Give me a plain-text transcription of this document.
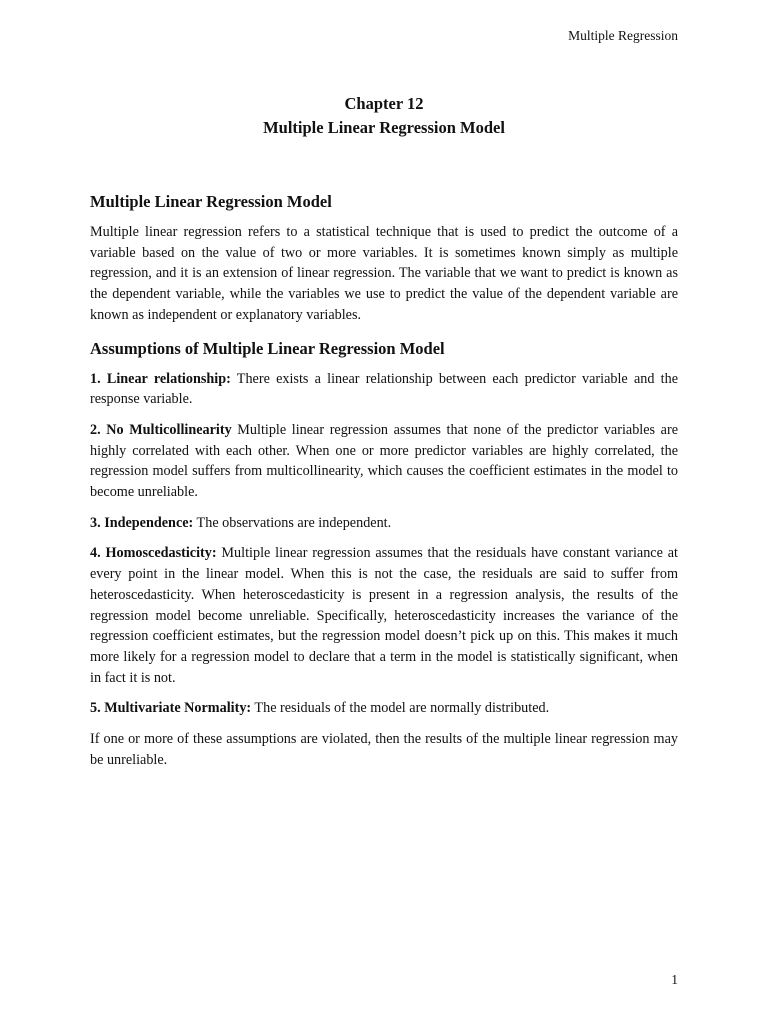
Multiple Regression
Chapter 12
Multiple Linear Regression Model
Multiple Linear Regression Model

Multiple linear regression refers to a statistical technique that is used to predict the outcome of a variable based on the value of two or more variables. It is sometimes known simply as multiple regression, and it is an extension of linear regression. The variable that we want to predict is known as the dependent variable, while the variables we use to predict the value of the dependent variable are known as independent or explanatory variables.

Assumptions of Multiple Linear Regression Model

1. Linear relationship: There exists a linear relationship between each predictor variable and the response variable.

2. No Multicollinearity Multiple linear regression assumes that none of the predictor variables are highly correlated with each other. When one or more predictor variables are highly correlated, the regression model suffers from multicollinearity, which causes the coefficient estimates in the model to become unreliable.

3. Independence: The observations are independent.

4. Homoscedasticity: Multiple linear regression assumes that the residuals have constant variance at every point in the linear model. When this is not the case, the residuals are said to suffer from heteroscedasticity. When heteroscedasticity is present in a regression analysis, the results of the regression model become unreliable. Specifically, heteroscedasticity increases the variance of the regression coefficient estimates, but the regression model doesn’t pick up on this. This makes it much more likely for a regression model to declare that a term in the model is statistically significant, when in fact it is not.

5. Multivariate Normality: The residuals of the model are normally distributed.

If one or more of these assumptions are violated, then the results of the multiple linear regression may be unreliable.

1
